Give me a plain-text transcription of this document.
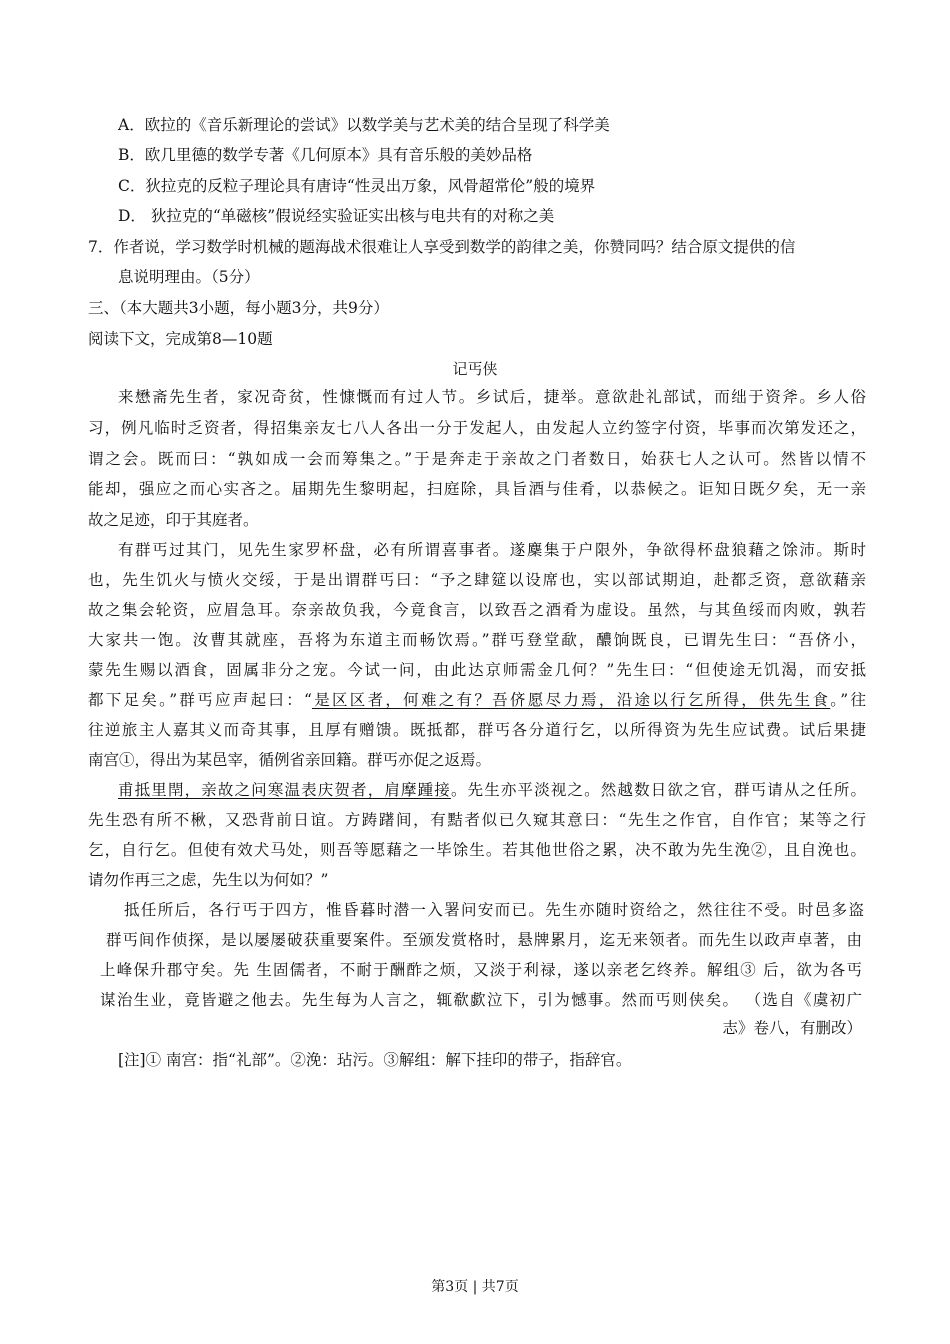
A．欧拉的《音乐新理论的尝试》以数学美与艺术美的结合呈现了科学美
B．欧几里德的数学专著《几何原本》具有音乐般的美妙品格
C．狄拉克的反粒子理论具有唐诗“性灵出万象，风骨超常伦”般的境界
D． 狄拉克的“单磁核”假说经实验证实出核与电共有的对称之美
7．作者说，学习数学时机械的题海战术很难让人享受到数学的韵律之美，你赞同吗？结合原文提供的信
息说明理由。（5分）
三、（本大题共3小题，每小题3分，共9分）
阅读下文，完成第8—10题
记丐侠
来懋斋先生者，家况奇贫，性慷慨而有过人节。乡试后，捷举。意欲赴礼部试，而绌于资斧。乡人俗
习，例凡临时乏资者，得招集亲友七八人各出一分于发起人，由发起人立约签字付资，毕事而次第发还之，
谓之会。既而曰：“孰如成一会而筹集之。”于是奔走于亲故之门者数日，始获七人之认可。然皆以情不
能却，强应之而心实吝之。届期先生黎明起，扫庭除，具旨酒与佳肴，以恭候之。讵知日既夕矣，无一亲
故之足迹，印于其庭者。
有群丐过其门，见先生家罗杯盘，必有所谓喜事者。遂麇集于户限外，争欲得杯盘狼藉之馀沛。斯时
也，先生饥火与愤火交绥，于是出谓群丐曰：“予之肆筵以设席也，实以部试期迫，赴都乏资，意欲藉亲
故之集会轮资，应眉急耳。奈亲故负我，今竟食言，以致吾之酒肴为虚设。虽然，与其鱼绥而肉败，孰若
大家共一饱。汝曹其就座，吾将为东道主而畅饮焉。”群丐登堂歃，醲饷既良，已谓先生曰：“吾侪小，
蒙先生赐以酒食，固属非分之宠。今试一问，由此达京师需金几何？”先生曰：“但使途无饥渴，而安抵
都下足矣。”群丐应声起曰：“是区区者，何难之有？吾侪愿尽力焉，沿途以行乞所得，供先生食。”往
往逆旅主人嘉其义而奇其事，且厚有赠馈。既抵都，群丐各分道行乞，以所得资为先生应试费。试后果捷
南宫①，得出为某邑宰，循例省亲回籍。群丐亦促之返焉。
甫抵里閈，亲故之问寒温表庆贺者，肩摩踵接。先生亦平淡视之。然越数日欲之官，群丐请从之任所。
先生恐有所不楸，又恐背前日谊。方踌躇间，有黠者似已久窥其意曰：“先生之作官，自作官；某等之行
乞，自行乞。但使有效犬马处，则吾等愿藉之一毕馀生。若其他世俗之累，决不敢为先生浼②，且自浼也。
请勿作再三之虑，先生以为何如？”
抵任所后，各行丐于四方，惟昏暮时潜一入署问安而已。先生亦随时资给之，然往往不受。时邑多盗
群丐间作侦探，是以屡屡破获重要案件。至颁发赏格时，悬牌累月，迄无来领者。而先生以政声卓著，由
上峰保升郡守矣。先 生固儒者，不耐于酬酢之烦，又淡于利禄，遂以亲老乞终养。解组③ 后，欲为各丐
谋治生业，竟皆避之他去。先生每为人言之，辄欷歔泣下，引为憾事。然而丐则侠矣。 （选自《虞初广
志》卷八，有删改）
[注]① 南宫：指“礼部”。②浼：玷污。③解组：解下挂印的带子，指辞官。
第3页 | 共7页
